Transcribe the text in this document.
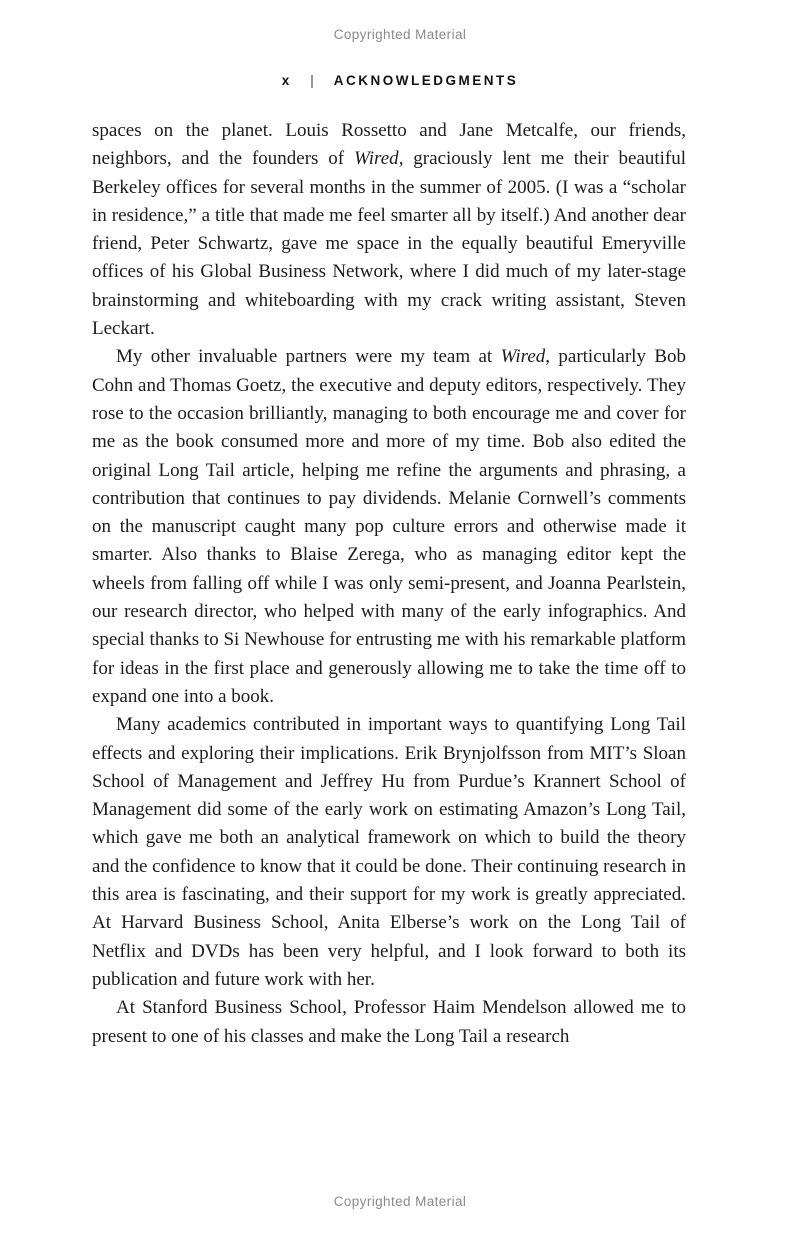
Copyrighted Material
x | ACKNOWLEDGMENTS

spaces on the planet. Louis Rossetto and Jane Metcalfe, our friends, neighbors, and the founders of Wired, graciously lent me their beautiful Berkeley offices for several months in the summer of 2005. (I was a “scholar in residence,” a title that made me feel smarter all by itself.) And another dear friend, Peter Schwartz, gave me space in the equally beautiful Emeryville offices of his Global Business Network, where I did much of my later-stage brainstorming and whiteboarding with my crack writing assistant, Steven Leckart.

My other invaluable partners were my team at Wired, particularly Bob Cohn and Thomas Goetz, the executive and deputy editors, respectively. They rose to the occasion brilliantly, managing to both encourage me and cover for me as the book consumed more and more of my time. Bob also edited the original Long Tail article, helping me refine the arguments and phrasing, a contribution that continues to pay dividends. Melanie Cornwell’s comments on the manuscript caught many pop culture errors and otherwise made it smarter. Also thanks to Blaise Zerega, who as managing editor kept the wheels from falling off while I was only semi-present, and Joanna Pearlstein, our research director, who helped with many of the early infographics. And special thanks to Si Newhouse for entrusting me with his remarkable platform for ideas in the first place and generously allowing me to take the time off to expand one into a book.

Many academics contributed in important ways to quantifying Long Tail effects and exploring their implications. Erik Brynjolfsson from MIT’s Sloan School of Management and Jeffrey Hu from Purdue’s Krannert School of Management did some of the early work on estimating Amazon’s Long Tail, which gave me both an analytical framework on which to build the theory and the confidence to know that it could be done. Their continuing research in this area is fascinating, and their support for my work is greatly appreciated. At Harvard Business School, Anita Elberse’s work on the Long Tail of Netflix and DVDs has been very helpful, and I look forward to both its publication and future work with her.

At Stanford Business School, Professor Haim Mendelson allowed me to present to one of his classes and make the Long Tail a research

Copyrighted Material
